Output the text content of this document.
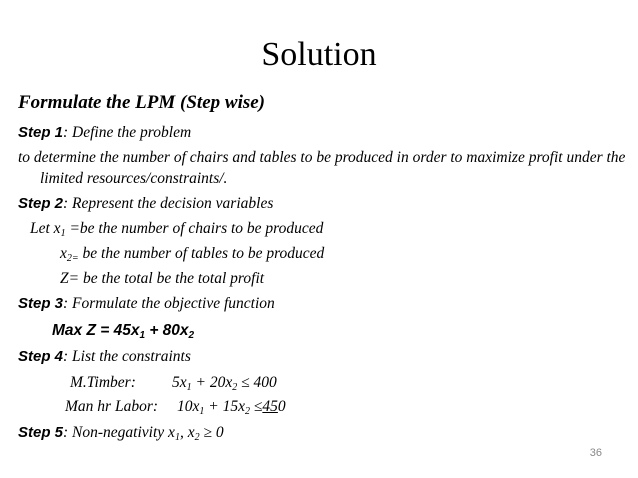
Solution
Formulate the LPM (Step wise)
Step 1: Define the problem
to determine the number of chairs and tables to be produced in order to maximize profit under the
limited resources/constraints/.
Step 2: Represent the decision variables
Let $x_1 =be$ the number of chairs to be produced
$x_{2=}$ be the number of tables to be produced
Z= be the total be the total profit
Step 3: Formulate the objective function
Max $Z = 45x_1 + 80x_2$
Step 4: List the constraints
M.Timber: $5x_1 + 20x_2 \le 400$
Man hr Labor: $10x_1 + 15x_2 \le 450$
Step 5: Non-negativity $x_1$, $x_2 \ge 0$
36
